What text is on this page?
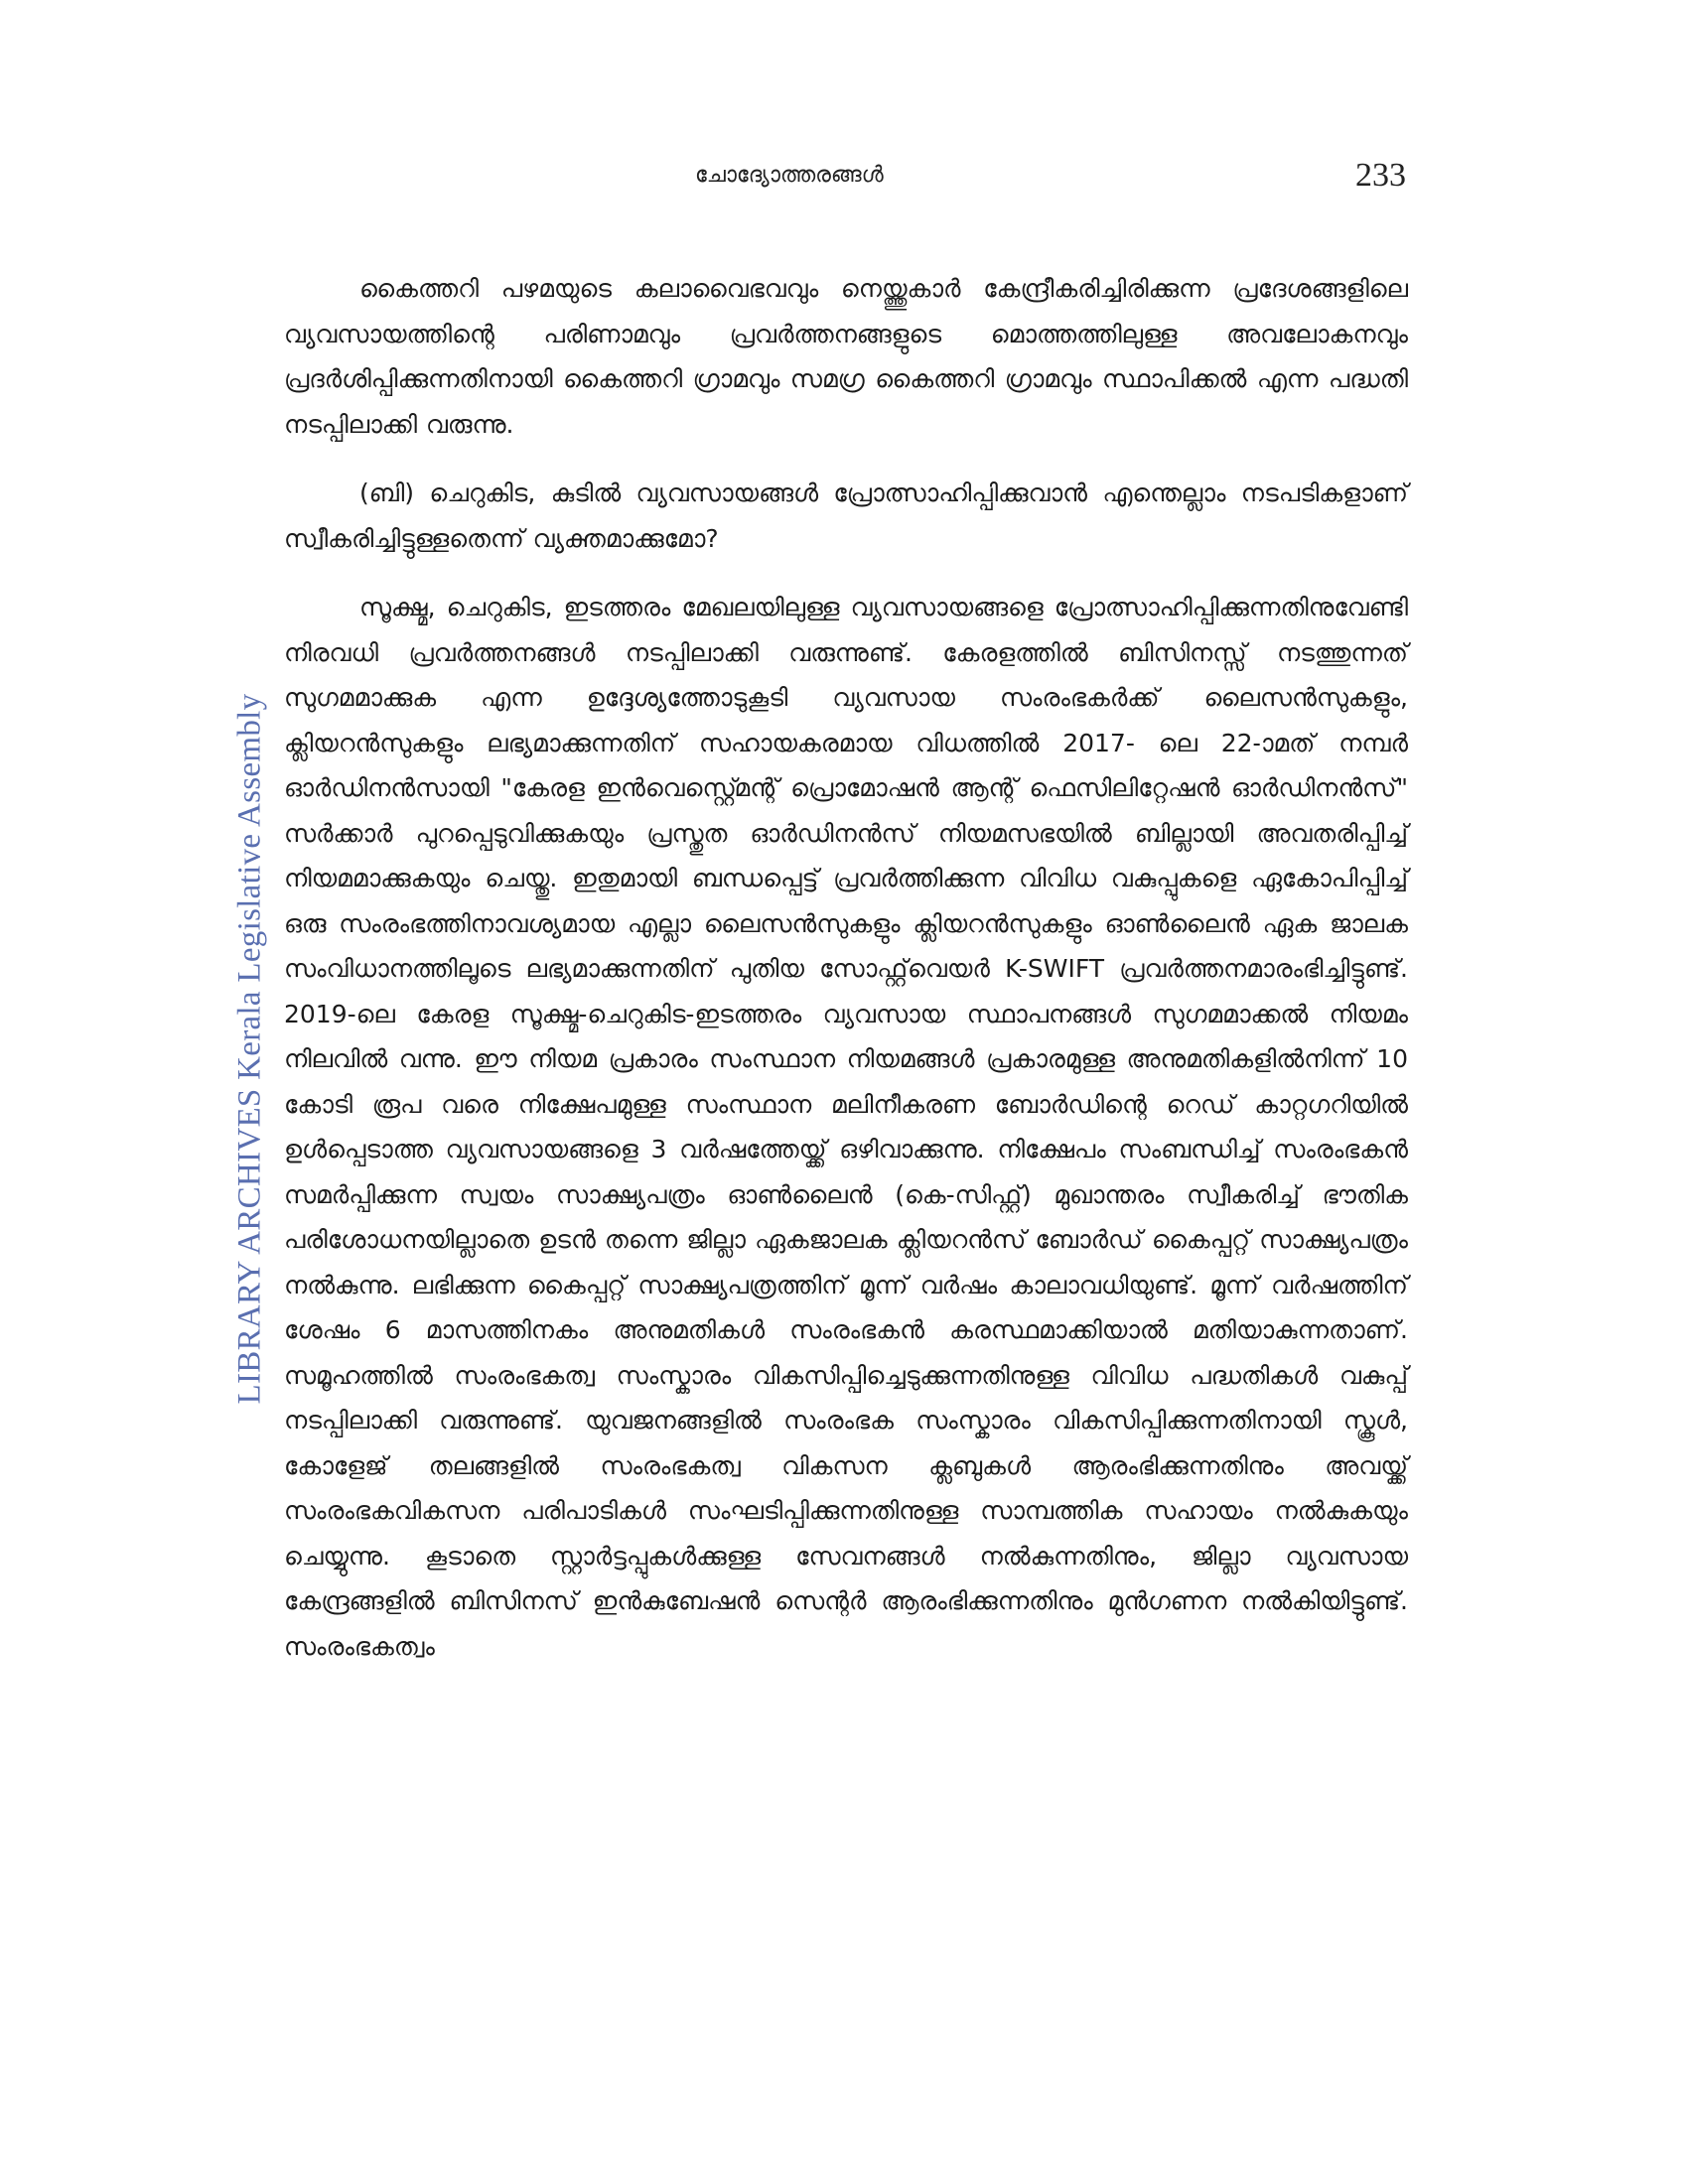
ചോദ്യോത്തരങ്ങൾ	233
LIBRARY ARCHIVES Kerala Legislative Assembly

കൈത്തറി പഴമയുടെ കലാവൈഭവവും നെയ്ത്തുകാർ കേന്ദ്രീകരിച്ചിരിക്കുന്ന പ്രദേശങ്ങളിലെ വ്യവസായത്തിന്റെ പരിണാമവും പ്രവർത്തനങ്ങളുടെ മൊത്തത്തിലുള്ള അവലോകനവും പ്രദർശിപ്പിക്കുന്നതിനായി കൈത്തറി ഗ്രാമവും സമഗ്ര കൈത്തറി ഗ്രാമവും സ്ഥാപിക്കൽ എന്ന പദ്ധതി നടപ്പിലാക്കി വരുന്നു.

(ബി) ചെറുകിട, കുടിൽ വ്യവസായങ്ങൾ പ്രോത്സാഹിപ്പിക്കുവാൻ എന്തെല്ലാം നടപടികളാണ് സ്വീകരിച്ചിട്ടുള്ളതെന്ന് വ്യക്തമാക്കുമോ?

സൂക്ഷ്മ, ചെറുകിട, ഇടത്തരം മേഖലയിലുള്ള വ്യവസായങ്ങളെ പ്രോത്സാഹിപ്പിക്കുന്നതിനുവേണ്ടി നിരവധി പ്രവർത്തനങ്ങൾ നടപ്പിലാക്കി വരുന്നുണ്ട്. കേരളത്തിൽ ബിസിനസ്സ് നടത്തുന്നത് സുഗമമാക്കുക എന്ന ഉദ്ദേശ്യത്തോടുകൂടി വ്യവസായ സംരംഭകർക്ക് ലൈസൻസുകളും, ക്ലിയറൻസുകളും ലഭ്യമാക്കുന്നതിന് സഹായകരമായ വിധത്തിൽ 2017- ലെ 22-ാമത് നമ്പർ ഓർഡിനൻസായി "കേരള ഇൻവെസ്റ്റ്മെന്റ് പ്രൊമോഷൻ ആന്റ് ഫെസിലിറ്റേഷൻ ഓർഡിനൻസ്" സർക്കാർ പുറപ്പെടുവിക്കുകയും പ്രസ്തുത ഓർഡിനൻസ് നിയമസഭയിൽ ബില്ലായി അവതരിപ്പിച്ച് നിയമമാക്കുകയും ചെയ്തു. ഇതുമായി ബന്ധപ്പെട്ട് പ്രവർത്തിക്കുന്ന വിവിധ വകുപ്പുകളെ ഏകോപിപ്പിച്ച് ഒരു സംരംഭത്തിനാവശ്യമായ എല്ലാ ലൈസൻസുകളും ക്ലിയറൻസുകളും ഓൺലൈൻ ഏക ജാലക സംവിധാനത്തിലൂടെ ലഭ്യമാക്കുന്നതിന് പുതിയ സോഫ്റ്റ്‌വെയർ K-SWIFT പ്രവർത്തനമാരംഭിച്ചിട്ടുണ്ട്. 2019-ലെ കേരള സൂക്ഷ്മ-ചെറുകിട-ഇടത്തരം വ്യവസായ സ്ഥാപനങ്ങൾ സുഗമമാക്കൽ നിയമം നിലവിൽ വന്നു. ഈ നിയമ പ്രകാരം സംസ്ഥാന നിയമങ്ങൾ പ്രകാരമുള്ള അനുമതികളിൽനിന്ന് 10 കോടി രൂപ വരെ നിക്ഷേപമുള്ള സംസ്ഥാന മലിനീകരണ ബോർഡിന്റെ റെഡ് കാറ്റഗറിയിൽ ഉൾപ്പെടാത്ത വ്യവസായങ്ങളെ 3 വർഷത്തേയ്ക്ക് ഒഴിവാക്കുന്നു. നിക്ഷേപം സംബന്ധിച്ച് സംരംഭകൻ സമർപ്പിക്കുന്ന സ്വയം സാക്ഷ്യപത്രം ഓൺലൈൻ (കെ-സിഫ്റ്റ്) മുഖാന്തരം സ്വീകരിച്ച് ഭൗതിക പരിശോധനയില്ലാതെ ഉടൻ തന്നെ ജില്ലാ ഏകജാലക ക്ലിയറൻസ് ബോർഡ് കൈപ്പറ്റ് സാക്ഷ്യപത്രം നൽകുന്നു. ലഭിക്കുന്ന കൈപ്പറ്റ് സാക്ഷ്യപത്രത്തിന് മൂന്ന് വർഷം കാലാവധിയുണ്ട്. മൂന്ന് വർഷത്തിന് ശേഷം 6 മാസത്തിനകം അനുമതികൾ സംരംഭകൻ കരസ്ഥമാക്കിയാൽ മതിയാകുന്നതാണ്. സമൂഹത്തിൽ സംരംഭകത്വ സംസ്കാരം വികസിപ്പിച്ചെടുക്കുന്നതിനുള്ള വിവിധ പദ്ധതികൾ വകുപ്പ് നടപ്പിലാക്കി വരുന്നുണ്ട്. യുവജനങ്ങളിൽ സംരംഭക സംസ്കാരം വികസിപ്പിക്കുന്നതിനായി സ്കൂൾ, കോളേജ് തലങ്ങളിൽ സംരംഭകത്വ വികസന ക്ലബുകൾ ആരംഭിക്കുന്നതിനും അവയ്ക്ക് സംരംഭകവികസന പരിപാടികൾ സംഘടിപ്പിക്കുന്നതിനുള്ള സാമ്പത്തിക സഹായം നൽകുകയും ചെയ്യുന്നു. കൂടാതെ സ്റ്റാർട്ടപ്പുകൾക്കുള്ള സേവനങ്ങൾ നൽകുന്നതിനും, ജില്ലാ വ്യവസായ കേന്ദ്രങ്ങളിൽ ബിസിനസ് ഇൻകുബേഷൻ സെന്റർ ആരംഭിക്കുന്നതിനും മുൻഗണന നൽകിയിട്ടുണ്ട്. സംരംഭകത്വം
